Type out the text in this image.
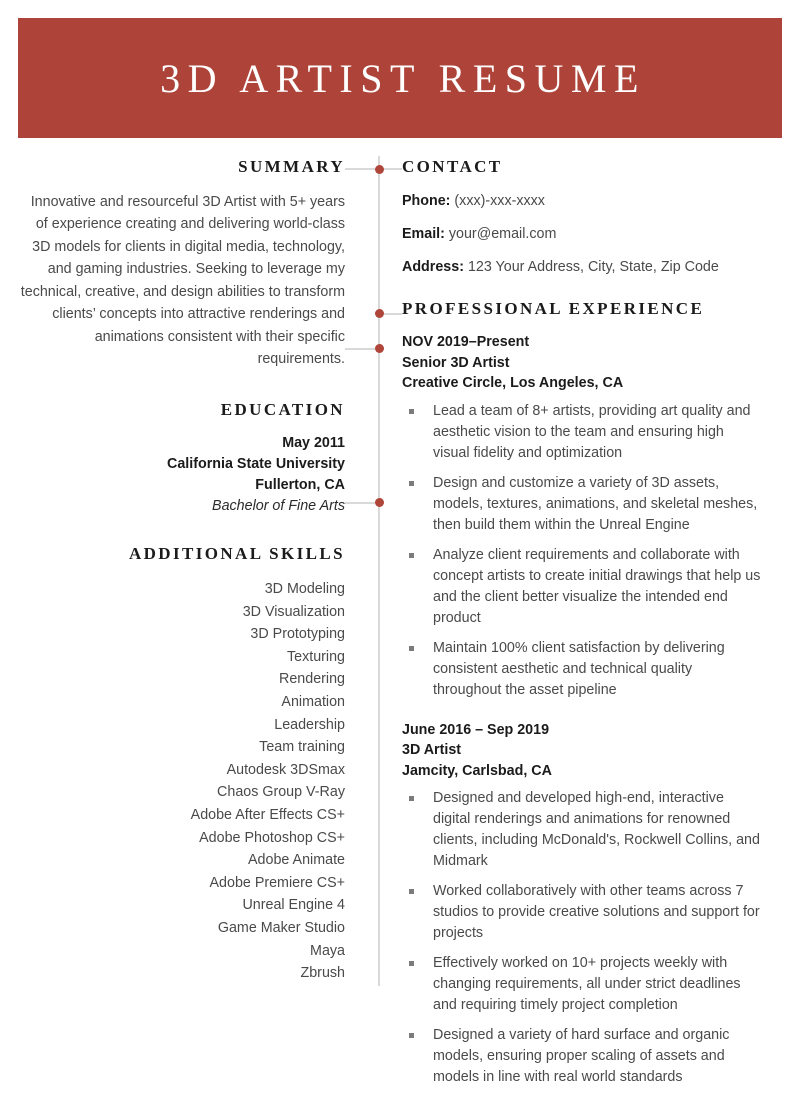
3D ARTIST RESUME
SUMMARY
Innovative and resourceful 3D Artist with 5+ years of experience creating and delivering world-class 3D models for clients in digital media, technology, and gaming industries. Seeking to leverage my technical, creative, and design abilities to transform clients’ concepts into attractive renderings and animations consistent with their specific requirements.
EDUCATION
May 2011
California State University
Fullerton, CA
Bachelor of Fine Arts
ADDITIONAL SKILLS
3D Modeling
3D Visualization
3D Prototyping
Texturing
Rendering
Animation
Leadership
Team training
Autodesk 3DSmax
Chaos Group V-Ray
Adobe After Effects CS+
Adobe Photoshop CS+
Adobe Animate
Adobe Premiere CS+
Unreal Engine 4
Game Maker Studio
Maya
Zbrush
CONTACT
Phone: (xxx)-xxx-xxxx
Email: your@email.com
Address: 123 Your Address, City, State, Zip Code
PROFESSIONAL EXPERIENCE
NOV 2019–Present
Senior 3D Artist
Creative Circle, Los Angeles, CA
Lead a team of 8+ artists, providing art quality and aesthetic vision to the team and ensuring high visual fidelity and optimization
Design and customize a variety of 3D assets, models, textures, animations, and skeletal meshes, then build them within the Unreal Engine
Analyze client requirements and collaborate with concept artists to create initial drawings that help us and the client better visualize the intended end product
Maintain 100% client satisfaction by delivering consistent aesthetic and technical quality throughout the asset pipeline
June 2016 – Sep 2019
3D Artist
Jamcity, Carlsbad, CA
Designed and developed high-end, interactive digital renderings and animations for renowned clients, including McDonald's, Rockwell Collins, and Midmark
Worked collaboratively with other teams across 7 studios to provide creative solutions and support for projects
Effectively worked on 10+ projects weekly with changing requirements, all under strict deadlines and requiring timely project completion
Designed a variety of hard surface and organic models, ensuring proper scaling of assets and models in line with real world standards
